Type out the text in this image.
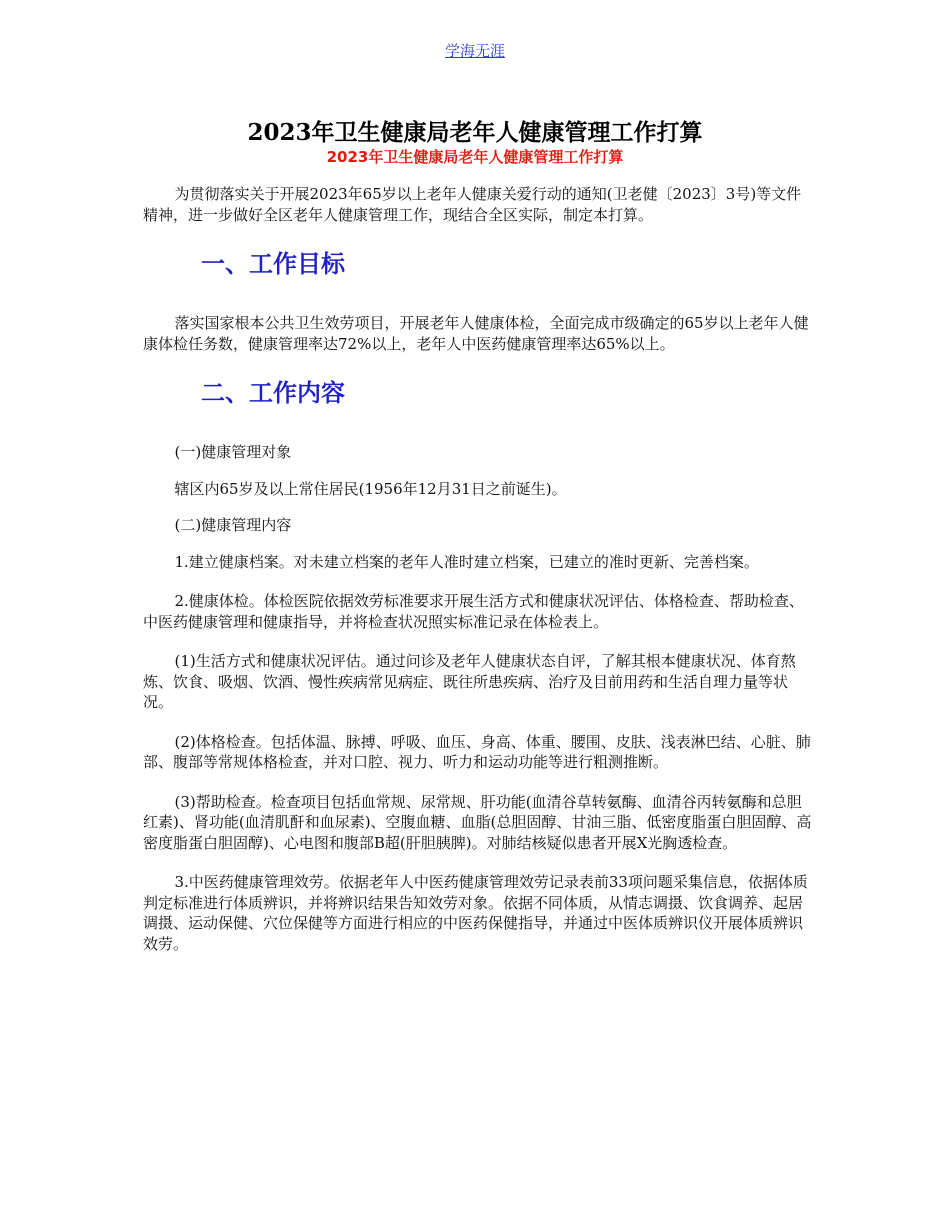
学海无涯
2023年卫生健康局老年人健康管理工作打算
2023年卫生健康局老年人健康管理工作打算

为贯彻落实关于开展2023年65岁以上老年人健康关爱行动的通知(卫老健〔2023〕3号)等文件精神，进一步做好全区老年人健康管理工作，现结合全区实际，制定本打算。

一、工作目标

落实国家根本公共卫生效劳项目，开展老年人健康体检，全面完成市级确定的65岁以上老年人健康体检任务数，健康管理率达72%以上，老年人中医药健康管理率达65%以上。

二、工作内容

(一)健康管理对象

辖区内65岁及以上常住居民(1956年12月31日之前诞生)。

(二)健康管理内容

1.建立健康档案。对未建立档案的老年人准时建立档案，已建立的准时更新、完善档案。

2.健康体检。体检医院依据效劳标准要求开展生活方式和健康状况评估、体格检查、帮助检查、中医药健康管理和健康指导，并将检查状况照实标准记录在体检表上。

(1)生活方式和健康状况评估。通过问诊及老年人健康状态自评，了解其根本健康状况、体育熬炼、饮食、吸烟、饮酒、慢性疾病常见病症、既往所患疾病、治疗及目前用药和生活自理力量等状况。

(2)体格检查。包括体温、脉搏、呼吸、血压、身高、体重、腰围、皮肤、浅表淋巴结、心脏、肺部、腹部等常规体格检查，并对口腔、视力、听力和运动功能等进行粗测推断。

(3)帮助检查。检查项目包括血常规、尿常规、肝功能(血清谷草转氨酶、血清谷丙转氨酶和总胆红素)、肾功能(血清肌酐和血尿素)、空腹血糖、血脂(总胆固醇、甘油三脂、低密度脂蛋白胆固醇、高密度脂蛋白胆固醇)、心电图和腹部B超(肝胆胰脾)。对肺结核疑似患者开展X光胸透检查。

3.中医药健康管理效劳。依据老年人中医药健康管理效劳记录表前33项问题采集信息，依据体质判定标准进行体质辨识，并将辨识结果告知效劳对象。依据不同体质，从情志调摄、饮食调养、起居调摄、运动保健、穴位保健等方面进行相应的中医药保健指导，并通过中医体质辨识仪开展体质辨识效劳。
